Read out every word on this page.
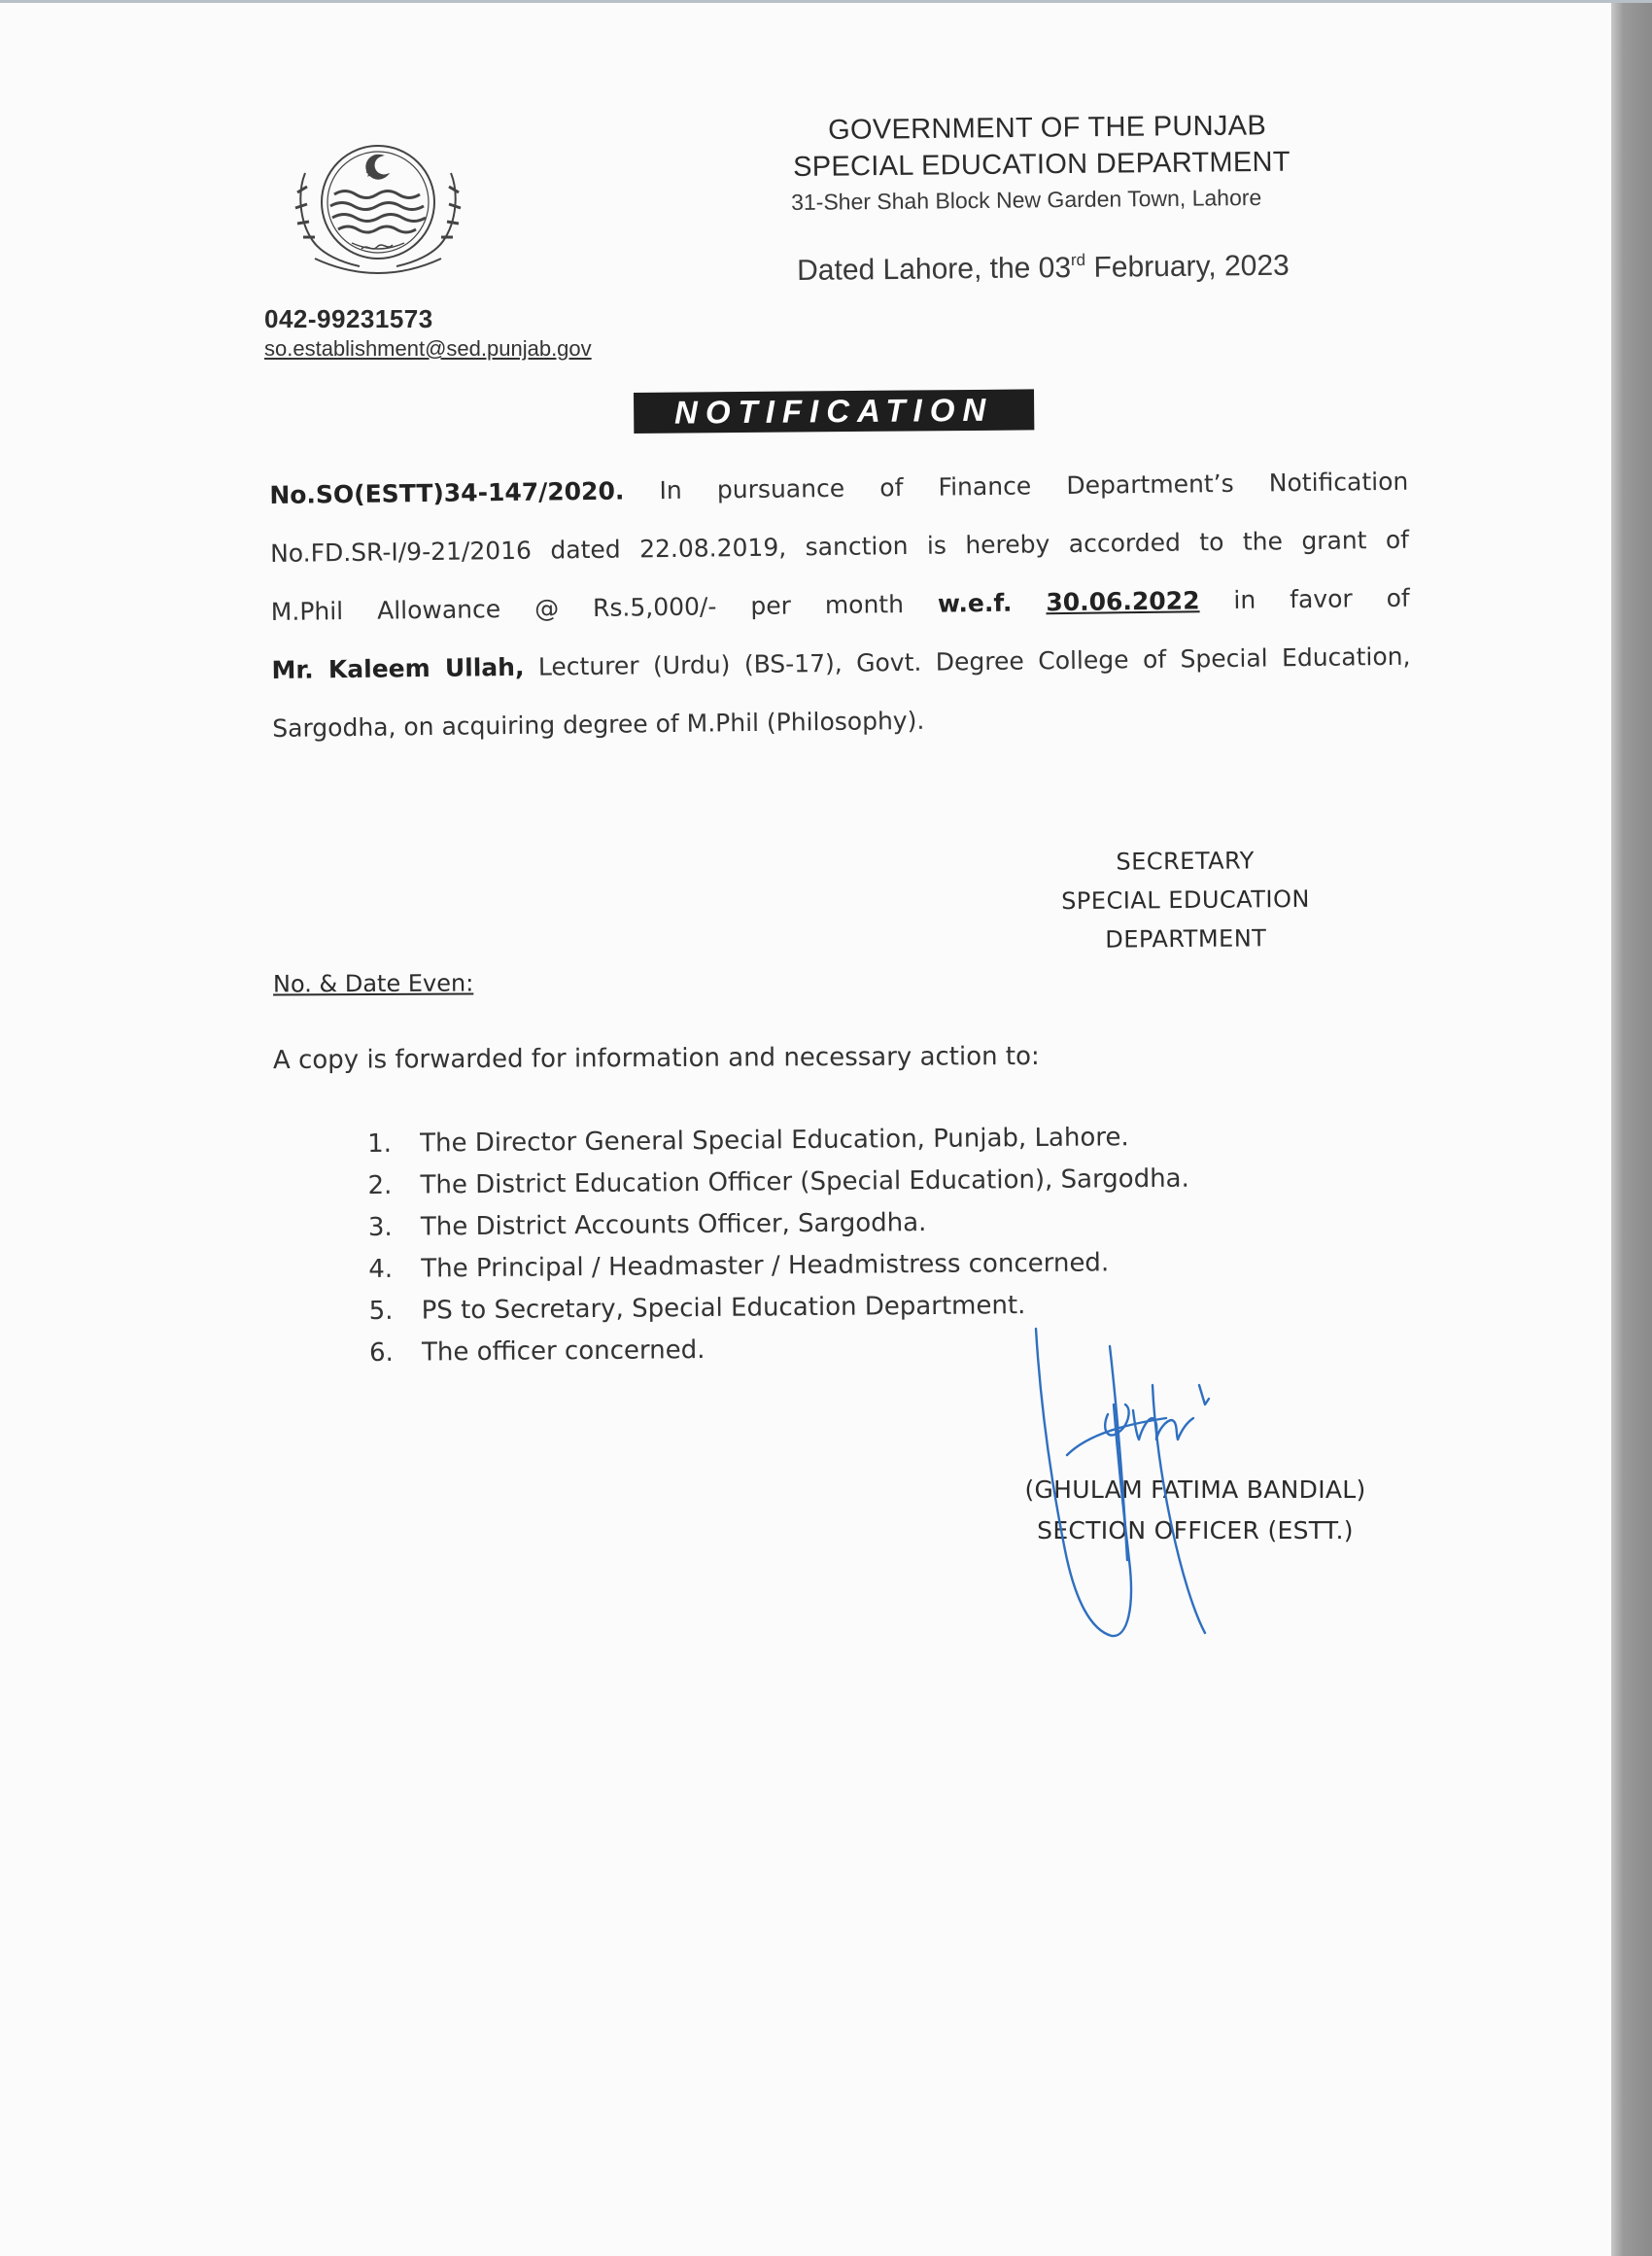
GOVERNMENT OF THE PUNJAB
SPECIAL EDUCATION DEPARTMENT
31-Sher Shah Block New Garden Town, Lahore
Dated Lahore, the 03rd February, 2023
042-99231573
so.establishment@sed.punjab.gov
NOTIFICATION
No.SO(ESTT)34-147/2020. In pursuance of Finance Department’s Notification
No.FD.SR-I/9-21/2016 dated 22.08.2019, sanction is hereby accorded to the grant of
M.Phil Allowance @ Rs.5,000/- per month w.e.f. 30.06.2022 in favor of
Mr. Kaleem Ullah, Lecturer (Urdu) (BS-17), Govt. Degree College of Special Education,
Sargodha, on acquiring degree of M.Phil (Philosophy).
SECRETARY
SPECIAL EDUCATION
DEPARTMENT
No. & Date Even:
A copy is forwarded for information and necessary action to:
1. The Director General Special Education, Punjab, Lahore.
2. The District Education Officer (Special Education), Sargodha.
3. The District Accounts Officer, Sargodha.
4. The Principal / Headmaster / Headmistress concerned.
5. PS to Secretary, Special Education Department.
6. The officer concerned.
(GHULAM FATIMA BANDIAL)
SECTION OFFICER (ESTT.)
